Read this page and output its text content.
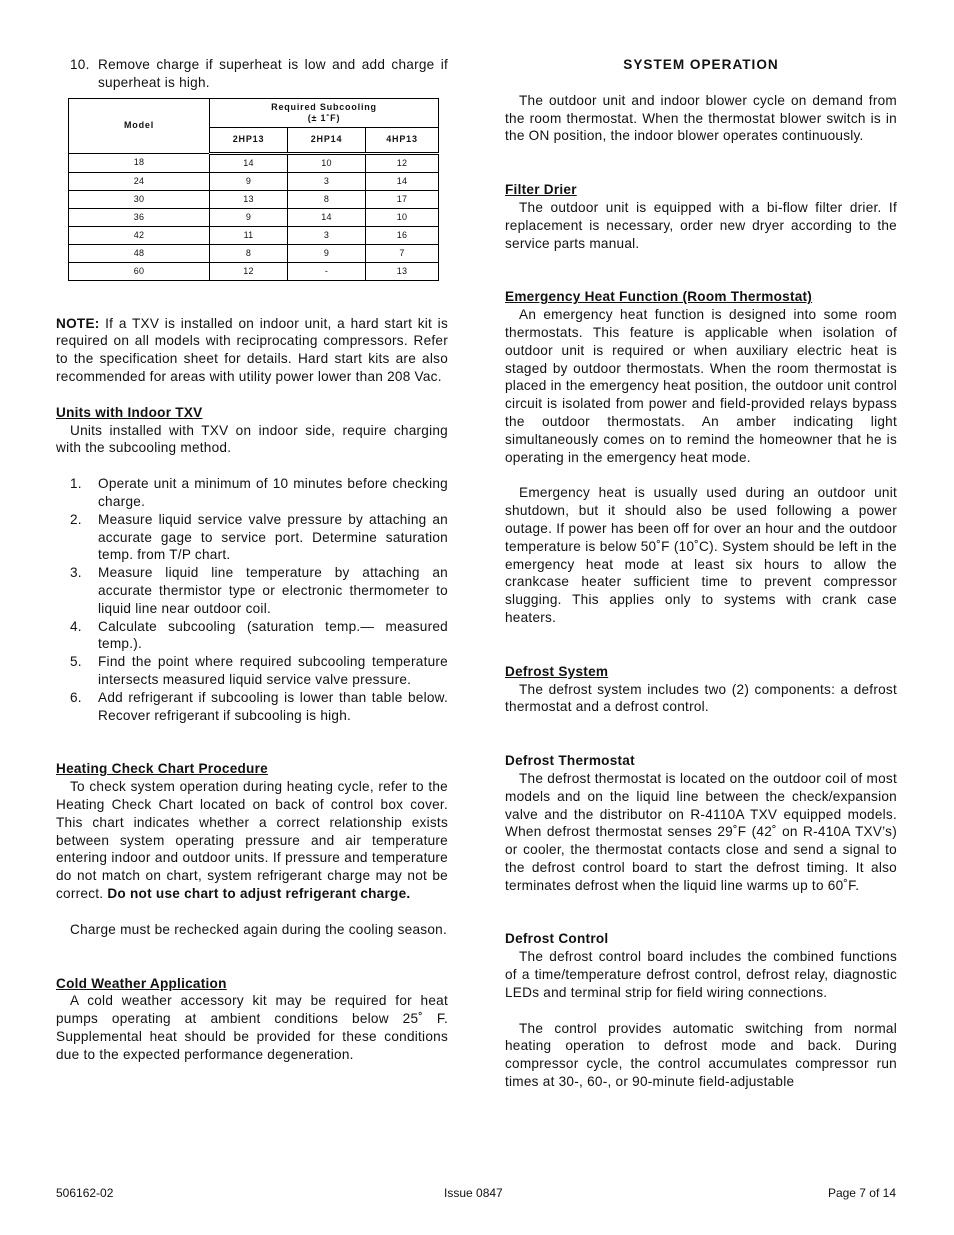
10. Remove charge if superheat is low and add charge if superheat is high.
Model	Required Subcooling
(± 1˚F)		

	2HP13	2HP14	4HP13
18	14	10	12
24	9	3	14
30	13	8	17
36	9	14	10
42	11	3	16
48	8	9	7
60	12	-	13

NOTE: If a TXV is installed on indoor unit, a hard start kit is required on all models with reciprocating compressors. Refer to the specification sheet for details. Hard start kits are also recommended for areas with utility power lower than 208 Vac.

Units with Indoor TXV

Units installed with TXV on indoor side, require charging with the subcooling method.

1. Operate unit a minimum of 10 minutes before checking charge.
2. Measure liquid service valve pressure by attaching an accurate gage to service port. Determine saturation temp. from T/P chart.
3. Measure liquid line temperature by attaching an accurate thermistor type or electronic thermometer to liquid line near outdoor coil.
4. Calculate subcooling (saturation temp.— measured temp.).
5. Find the point where required subcooling temperature intersects measured liquid service valve pressure.
6. Add refrigerant if subcooling is lower than table below. Recover refrigerant if subcooling is high.
Heating Check Chart Procedure

To check system operation during heating cycle, refer to the Heating Check Chart located on back of control box cover. This chart indicates whether a correct relationship exists between system operating pressure and air temperature entering indoor and outdoor units. If pressure and temperature do not match on chart, system refrigerant charge may not be correct. Do not use chart to adjust refrigerant charge.

Charge must be rechecked again during the cooling season.

Cold Weather Application

A cold weather accessory kit may be required for heat pumps operating at ambient conditions below 25˚ F. Supplemental heat should be provided for these conditions due to the expected performance degeneration.

SYSTEM OPERATION

The outdoor unit and indoor blower cycle on demand from the room thermostat. When the thermostat blower switch is in the ON position, the indoor blower operates continuously.

Filter Drier

The outdoor unit is equipped with a bi-flow filter drier. If replacement is necessary, order new dryer according to the service parts manual.

Emergency Heat Function (Room Thermostat)

An emergency heat function is designed into some room thermostats. This feature is applicable when isolation of outdoor unit is required or when auxiliary electric heat is staged by outdoor thermostats. When the room thermostat is placed in the emergency heat position, the outdoor unit control circuit is isolated from power and field-provided relays bypass the outdoor thermostats. An amber indicating light simultaneously comes on to remind the homeowner that he is operating in the emergency heat mode.

Emergency heat is usually used during an outdoor unit shutdown, but it should also be used following a power outage. If power has been off for over an hour and the outdoor temperature is below 50˚F (10˚C). System should be left in the emergency heat mode at least six hours to allow the crankcase heater sufficient time to prevent compressor slugging. This applies only to systems with crank case heaters.

Defrost System

The defrost system includes two (2) components: a defrost thermostat and a defrost control.

Defrost Thermostat

The defrost thermostat is located on the outdoor coil of most models and on the liquid line between the check/expansion valve and the distributor on R-4110A TXV equipped models. When defrost thermostat senses 29˚F (42˚ on R-410A TXV’s) or cooler, the thermostat contacts close and send a signal to the defrost control board to start the defrost timing. It also terminates defrost when the liquid line warms up to 60˚F.

Defrost Control

The defrost control board includes the combined functions of a time/temperature defrost control, defrost relay, diagnostic LEDs and terminal strip for field wiring connections.

The control provides automatic switching from normal heating operation to defrost mode and back. During compressor cycle, the control accumulates compressor run times at 30-, 60-, or 90-minute field-adjustable

506162-02	Issue 0847	Page 7 of 14
